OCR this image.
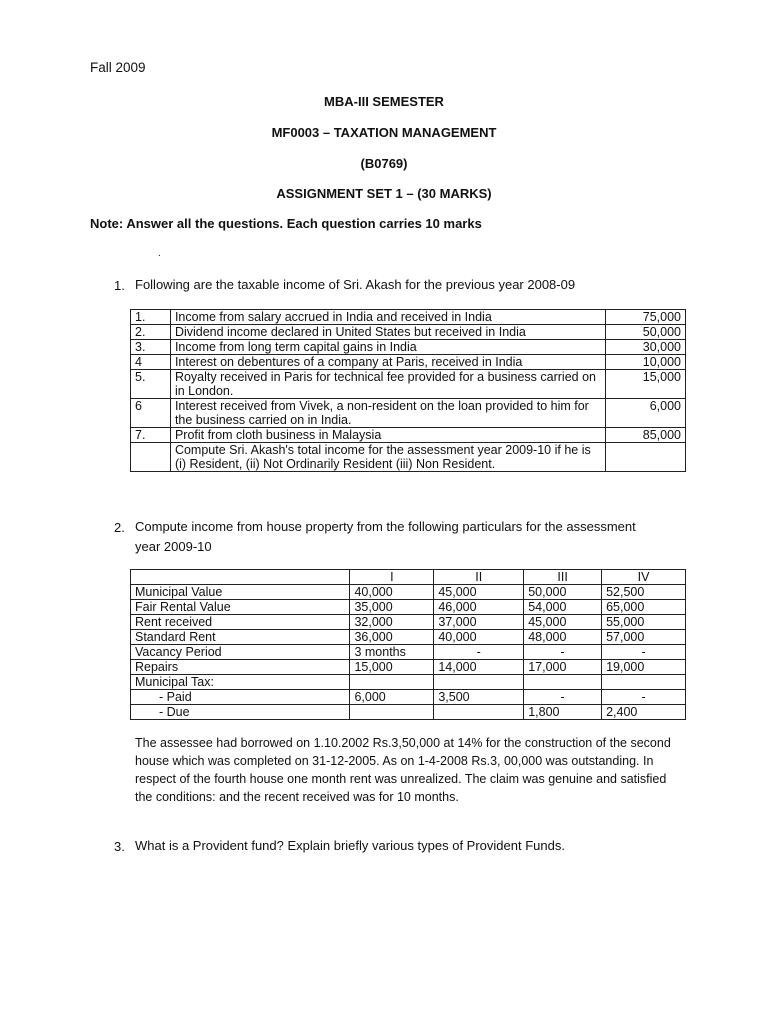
Fall 2009
MBA-III SEMESTER
MF0003 – TAXATION MANAGEMENT
(B0769)
ASSIGNMENT SET 1 – (30 MARKS)
Note: Answer all the questions. Each question carries 10 marks
.
1. Following are the taxable income of Sri. Akash for the previous year 2008-09
1.	Income from salary accrued in India and received in India	75,000
2.	Dividend income declared in United States but received in India	50,000
3.	Income from long term capital gains in India	30,000
4	Interest on debentures of a company at Paris, received in India	10,000
5.	Royalty received in Paris for technical fee provided for a business carried on in London.	15,000
6	Interest received from Vivek, a non-resident on the loan provided to him for the business carried on in India.	6,000
7.	Profit from cloth business in Malaysia	85,000
	Compute Sri. Akash's total income for the assessment year 2009-10 if he is (i) Resident, (ii) Not Ordinarily Resident (iii) Non Resident.	
2. Compute income from house property from the following particulars for the assessment
year 2009-10
	I	II	III	IV
Municipal Value	40,000	45,000	50,000	52,500
Fair Rental Value	35,000	46,000	54,000	65,000
Rent received	32,000	37,000	45,000	55,000
Standard Rent	36,000	40,000	48,000	57,000
Vacancy Period	3 months	-	-	-
Repairs	15,000	14,000	17,000	19,000
Municipal Tax:				
- Paid	6,000	3,500	-	-
- Due			1,800	2,400
The assessee had borrowed on 1.10.2002 Rs.3,50,000 at 14% for the construction of the second house which was completed on 31-12-2005. As on 1-4-2008 Rs.3, 00,000 was outstanding. In respect of the fourth house one month rent was unrealized. The claim was genuine and satisfied the conditions: and the recent received was for 10 months.
3. What is a Provident fund? Explain briefly various types of Provident Funds.
